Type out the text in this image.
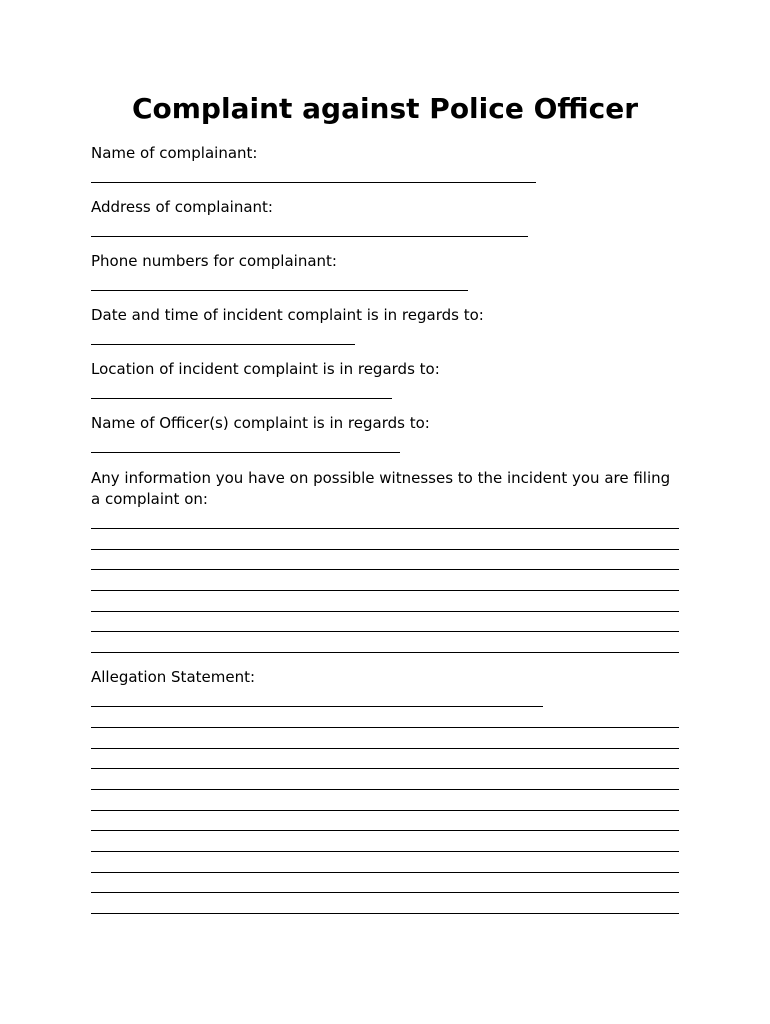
Complaint against Police Officer

Name of complainant:

Address of complainant:

Phone numbers for complainant:

Date and time of incident complaint is in regards to:

Location of incident complaint is in regards to:

Name of Officer(s) complaint is in regards to:

Any information you have on possible witnesses to the incident you are filing a complaint on:

Allegation Statement:
